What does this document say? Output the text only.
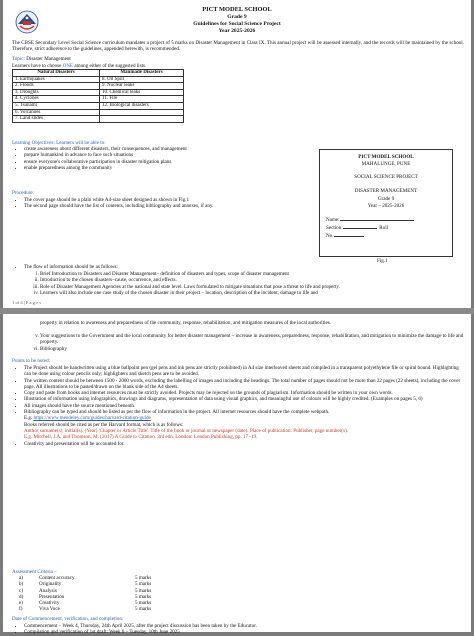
PICT MODEL SCHOOL
Grade 9
Guidelines for Social Science Project
Year 2025-2026
The CBSE Secondary Level Social Science curriculum mandates a project of 5 marks on Disaster Management in Class IX. This annual project will be assessed internally, and the records will be maintained by the school. Therefore, strict adherence to the guidelines, appended herewith, is recommended.
Topic: Disaster Management
Learners have to choose ONE among either of the suggested lists.
Natural Disasters	Manmade Disasters
1. Earthquakes	8. Oil Spill
2. Floods	9. Nuclear leaks
3. Droughts	10. Chemical leaks
4. Cyclones	11. Fire
5. Tsunami	12. Biological disasters
6. Volcanoes	
7. Land slides	
Learning Objectives: Learners will be able to:
• create awareness about different disasters, their consequences, and management
• prepare humankind in advance to face such situations
• ensure everyone's collaborative participation in disaster mitigation plans
• enable preparedness among the community
Procedure:
• The cover page should be a plain white A4-size sheet designed as shown in Fig.1
• The second page should have the list of contents, including bibliography and annexes, if any.
PICT MODEL SCHOOL
MAHALUNGE, PUNE
SOCIAL SCIENCE PROJECT
DISASTER MANAGEMENT
Grade 9
Year – 2025-2026
Name:
Section:	Roll
No.
Fig.1
• The flow of information should be as follows:
i. Brief Introduction to Disasters and Disaster Management– definition of disasters and types, scope of disaster management
ii. Introduction to the chosen disasters–cause, occurrence, and effects.
iii. Role of Disaster Management Agencies at the national and state level. Laws formulated to mitigate situations that pose a threat to life and property.
iv. Learners will also include one case study of the chosen disaster in their project – location, description of the incident, damage to life and
1 of 4 | P a g e s
property in relation to awareness and preparedness of the community, response, rehabilitation, and mitigation measures of the local authorities.
v. Your suggestions to the Government and the local community for better disaster management – increase in awareness, preparedness, response, rehabilitation, and mitigation to minimize the damage to life and property.
vi. Bibliography
Points to be noted:
• The Project should be handwritten using a blue ballpoint pen (gel pens and ink pens are strictly prohibited) in A4 size interleaved sheets and compiled in a transparent polyethylene file or spiral bound. Highlighting can be done using colour pencils only; highlighters and sketch pens are to be avoided.
• The written content should be between 1500 - 2000 words, excluding the labelling of images and including the headings. The total number of pages should not be more than 22 pages (22 sheets), including the cover page. All illustrations to be pasted/drawn on the blank side of the A4 sheets.
• Copy and paste from books and internet resources must be strictly avoided. Projects may be rejected on the grounds of plagiarism. Information should be written in your own words.
• Illustration of information using infographics, drawings and diagrams, representation of data using visual graphics, and meaningful use of colours will be highly credited. (Examples on pages 5, 6)
• All images should have the source mentioned beneath.
• Bibliography can be typed and should be listed as per the flow of information in the project. All internet resources should have the complete webpath.
E.g. https://www.mendeley.com/guides/harvard-citation-guide
Books referred should be cited as per the Harvard format, which is as follows:
Author surname(s), initial(s). (Year) 'Chapter or Article Title'. Title of the book or journal or newspaper (date). Place of publication: Publisher, page number(s).
E.g. Mitchell, J.A. and Thomson, M. (2017) A Guide to Citation. 3rd edn. London: London Publishing, pp. 17 -19.
• Creativity and presentation will be accounted for.
Assessment Criteria –
a)	Content accuracy	5 marks
b)	Originality	5 marks
c)	Analysis	5 marks
d)	Presentation	5 marks
e)	Creativity	5 marks
f)	Viva Voce	5 marks
Date of Commencement, verification, and completion:
• Commencement – Week 4, Thursday, 24th April 2025, after the project discussion has been taken by the Educator.
• Compilation and verification of 1st draft: Week 6 – Tuesday, 10th June 2025
